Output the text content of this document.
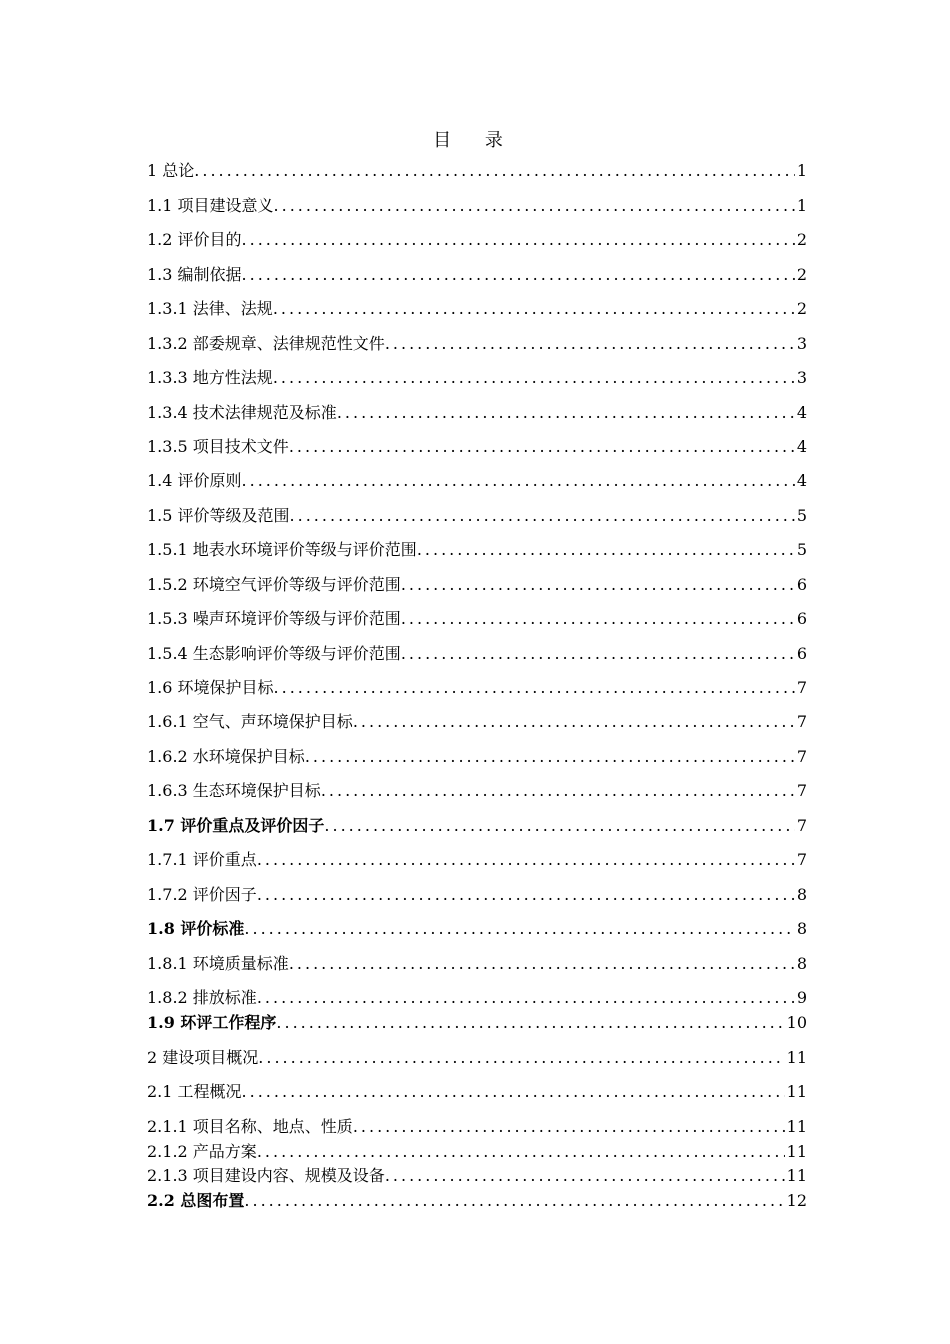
目 录
1 总论 .....	1
1.1 项目建设意义 .....	1
1.2 评价目的 .....	2
1.3 编制依据 .....	2
1.3.1 法律、法规 .....	2
1.3.2 部委规章、法律规范性文件 .....	3
1.3.3 地方性法规 .....	3
1.3.4 技术法律规范及标准 .....	4
1.3.5 项目技术文件 .....	4
1.4 评价原则 .....	4
1.5 评价等级及范围 .....	5
1.5.1 地表水环境评价等级与评价范围 .....	5
1.5.2 环境空气评价等级与评价范围 .....	6
1.5.3 噪声环境评价等级与评价范围 .....	6
1.5.4 生态影响评价等级与评价范围 .....	6
1.6 环境保护目标 .....	7
1.6.1 空气、声环境保护目标 .....	7
1.6.2 水环境保护目标 .....	7
1.6.3 生态环境保护目标 .....	7
1.7 评价重点及评价因子 .....	7
1.7.1 评价重点 .....	7
1.7.2 评价因子 .....	8
1.8 评价标准 .....	8
1.8.1 环境质量标准 .....	8
1.8.2 排放标准 .....	9
1.9 环评工作程序 .....	10
2 建设项目概况 .....	11
2.1 工程概况 .....	11
2.1.1 项目名称、地点、性质 .....	11
2.1.2 产品方案 .....	11
2.1.3 项目建设内容、规模及设备 .....	11
2.2 总图布置 .....	12
